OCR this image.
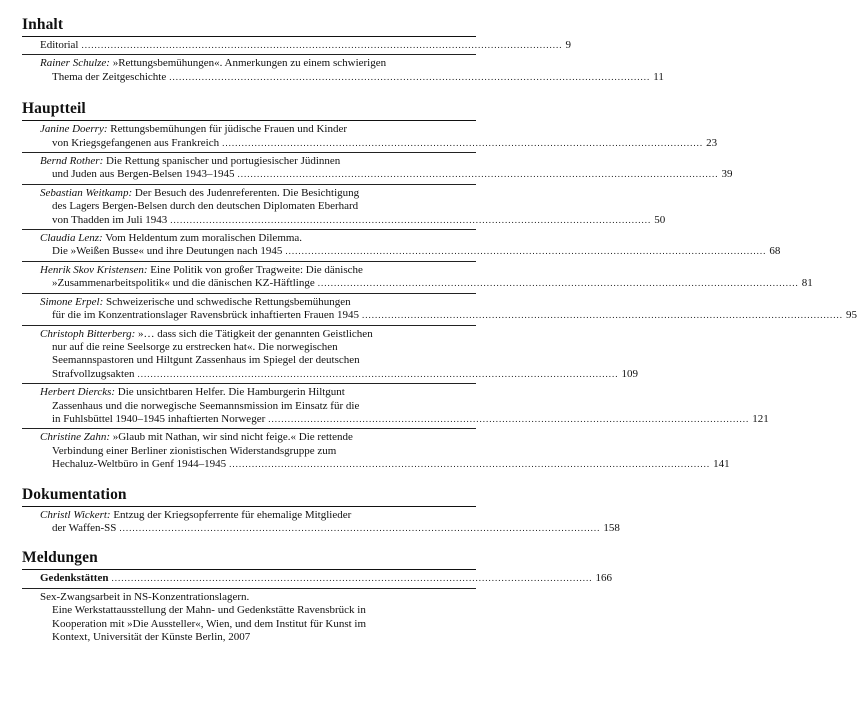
Inhalt
Editorial .................................................................................................................................................... 9
Rainer Schulze: »Rettungsbemühungen«. Anmerkungen zu einem schwierigen
Thema der Zeitgeschichte .................................................................................................................................................... 11
Hauptteil
Janine Doerry: Rettungsbemühungen für jüdische Frauen und Kinder
von Kriegsgefangenen aus Frankreich .................................................................................................................................................... 23
Bernd Rother: Die Rettung spanischer und portugiesischer Jüdinnen
und Juden aus Bergen-Belsen 1943–1945 .................................................................................................................................................... 39
Sebastian Weitkamp: Der Besuch des Judenreferenten. Die Besichtigung
des Lagers Bergen-Belsen durch den deutschen Diplomaten Eberhard
von Thadden im Juli 1943 .................................................................................................................................................... 50
Claudia Lenz: Vom Heldentum zum moralischen Dilemma.
Die »Weißen Busse« und ihre Deutungen nach 1945 .................................................................................................................................................... 68
Henrik Skov Kristensen: Eine Politik von großer Tragweite: Die dänische
»Zusammenarbeitspolitik« und die dänischen KZ-Häftlinge .................................................................................................................................................... 81
Simone Erpel: Schweizerische und schwedische Rettungsbemühungen
für die im Konzentrationslager Ravensbrück inhaftierten Frauen 1945 .................................................................................................................................................... 95
Christoph Bitterberg: »… dass sich die Tätigkeit der genannten Geistlichen
nur auf die reine Seelsorge zu erstrecken hat«. Die norwegischen
Seemannspastoren und Hiltgunt Zassenhaus im Spiegel der deutschen
Strafvollzugsakten .................................................................................................................................................... 109
Herbert Diercks: Die unsichtbaren Helfer. Die Hamburgerin Hiltgunt
Zassenhaus und die norwegische Seemannsmission im Einsatz für die
in Fuhlsbüttel 1940–1945 inhaftierten Norweger .................................................................................................................................................... 121
Christine Zahn: »Glaub mit Nathan, wir sind nicht feige.« Die rettende
Verbindung einer Berliner zionistischen Widerstandsgruppe zum
Hechaluz-Weltbüro in Genf 1944–1945 .................................................................................................................................................... 141
Dokumentation
Christl Wickert: Entzug der Kriegsopferrente für ehemalige Mitglieder
der Waffen-SS .................................................................................................................................................... 158
Meldungen
Gedenkstätten .................................................................................................................................................... 166
Sex-Zwangsarbeit in NS-Konzentrationslagern.
Eine Werkstattausstellung der Mahn- und Gedenkstätte Ravensbrück in
Kooperation mit »Die Aussteller«, Wien, und dem Institut für Kunst im
Kontext, Universität der Künste Berlin, 2007
